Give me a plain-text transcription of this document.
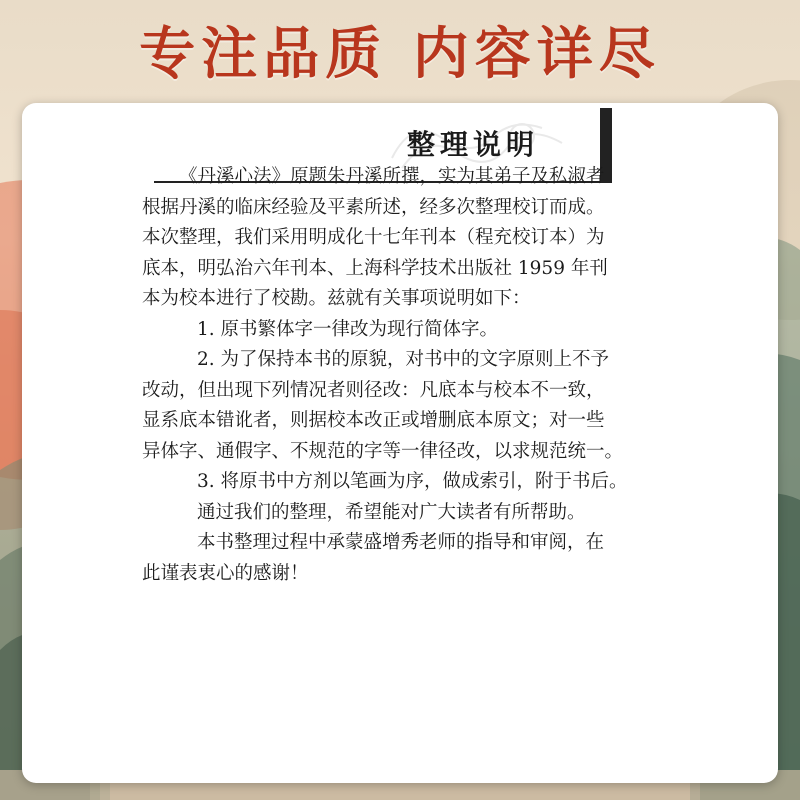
专注品质 内容详尽
整理说明

《丹溪心法》原题朱丹溪所撰，实为其弟子及私淑者

根据丹溪的临床经验及平素所述，经多次整理校订而成。

本次整理，我们采用明成化十七年刊本（程充校订本）为

底本，明弘治六年刊本、上海科学技术出版社 1959 年刊

本为校本进行了校勘。兹就有关事项说明如下：

1. 原书繁体字一律改为现行简体字。

2. 为了保持本书的原貌，对书中的文字原则上不予

改动，但出现下列情况者则径改：凡底本与校本不一致，

显系底本错讹者，则据校本改正或增删底本原文；对一些

异体字、通假字、不规范的字等一律径改，以求规范统一。

3. 将原书中方剂以笔画为序，做成索引，附于书后。

通过我们的整理，希望能对广大读者有所帮助。

本书整理过程中承蒙盛增秀老师的指导和审阅，在

此谨表衷心的感谢！
